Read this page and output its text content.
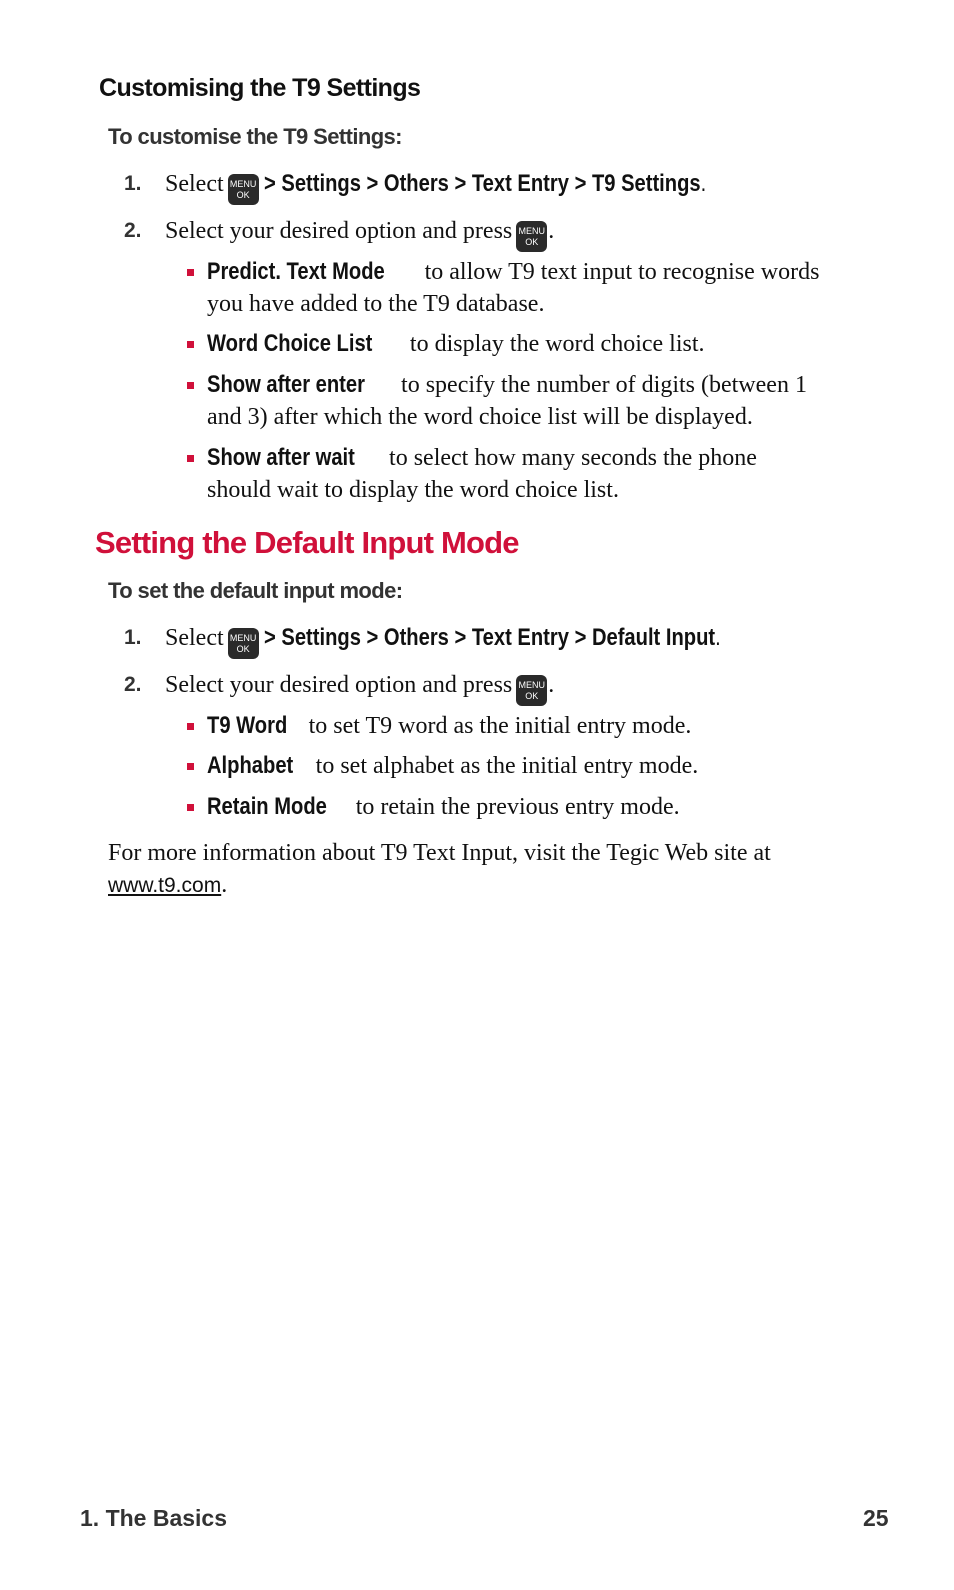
Customising the T9 Settings
To customise the T9 Settings:
1. Select MENU
OK > Settings > Others > Text Entry > T9 Settings.
2. Select your desired option and press MENU
OK .
Predict. Text Mode to allow T9 text input to recognise words
you have added to the T9 database.
Word Choice List to display the word choice list.
Show after enter to specify the number of digits (between 1
and 3) after which the word choice list will be displayed.
Show after wait to select how many seconds the phone
should wait to display the word choice list.
Setting the Default Input Mode
To set the default input mode:
1. Select MENU
OK > Settings > Others > Text Entry > Default Input.
2. Select your desired option and press MENU
OK .
T9 Word to set T9 word as the initial entry mode.
Alphabet to set alphabet as the initial entry mode.
Retain Mode to retain the previous entry mode.
For more information about T9 Text Input, visit the Tegic Web site at
www.t9.com.
1. The Basics	25
